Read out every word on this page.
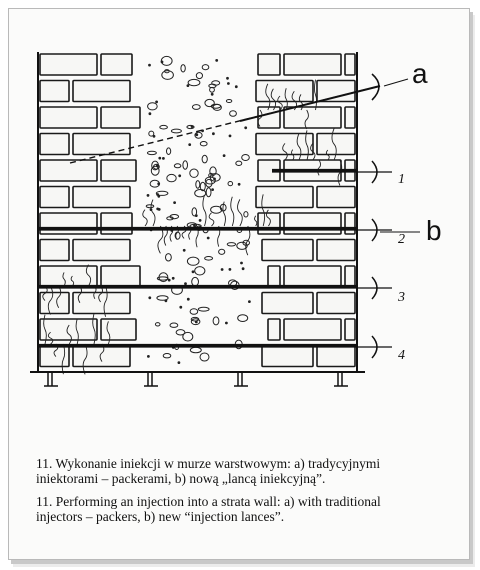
a
b
1
2
3
4
11. Wykonanie iniekcji w murze warstwowym: a) tradycyjnymi
iniektorami – packerami, b) nową „lancą iniekcyjną”.
11. Performing an injection into a strata wall: a) with traditional
injectors – packers, b) new “injection lances”.
